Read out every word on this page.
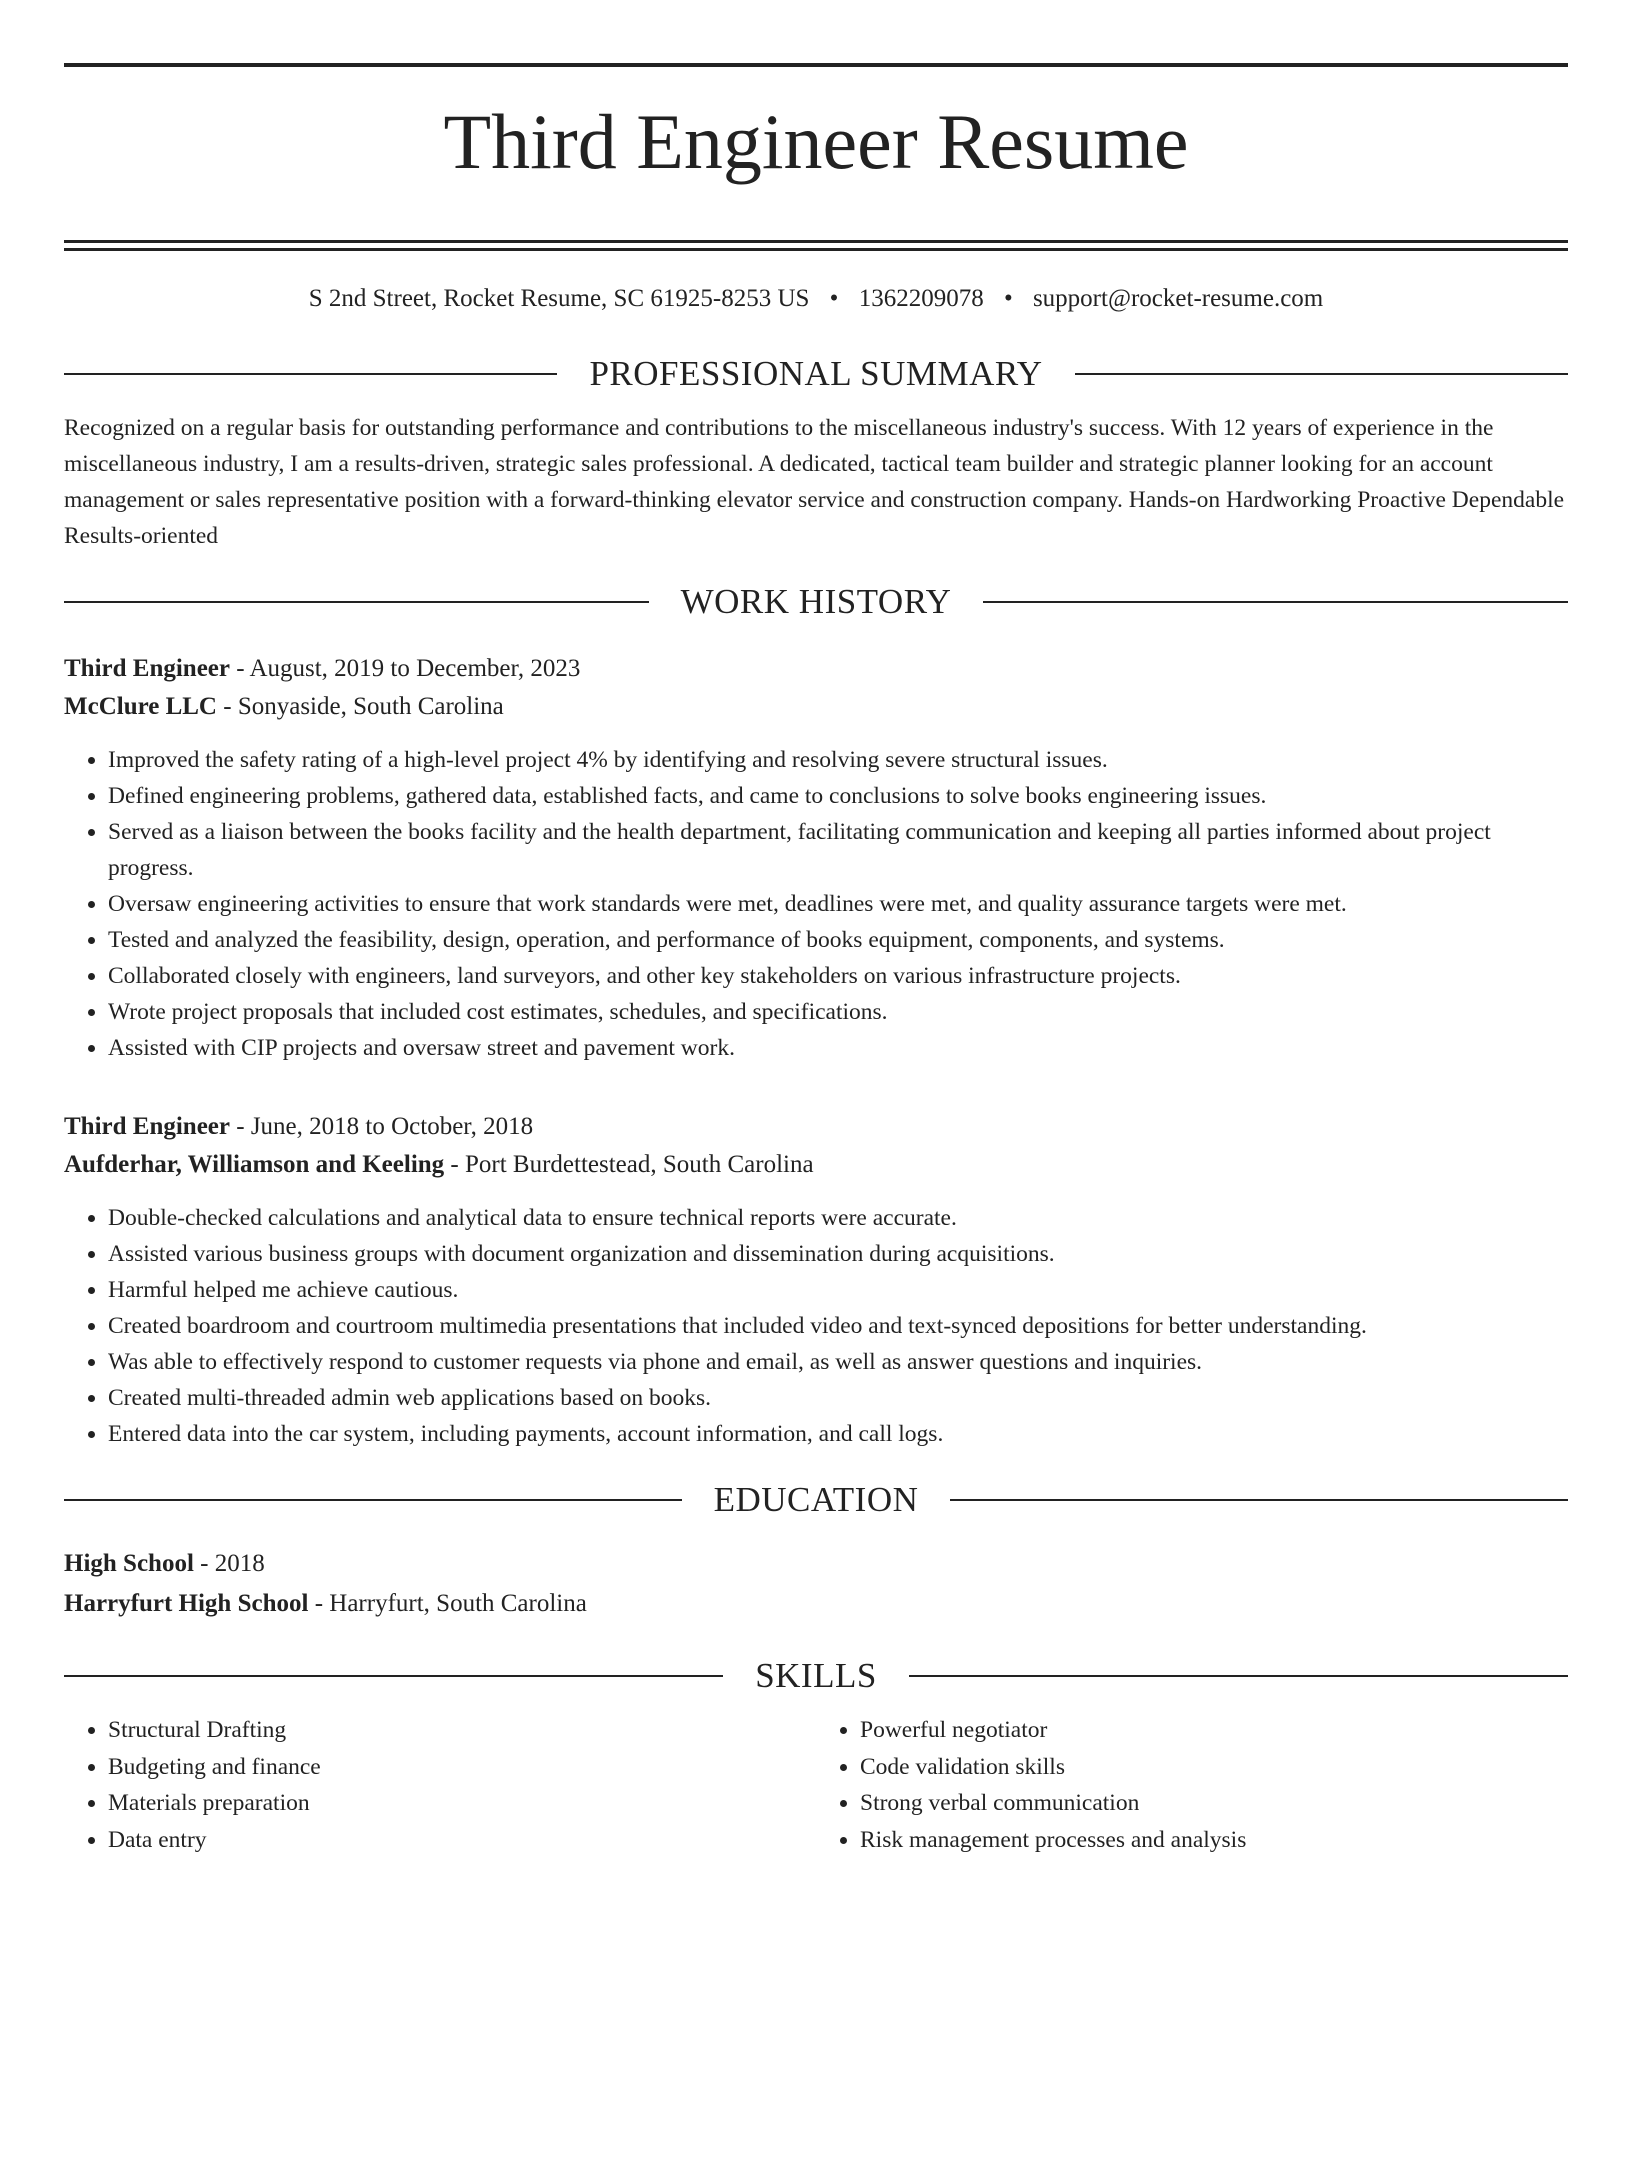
Third Engineer Resume
S 2nd Street, Rocket Resume, SC 61925-8253 US • 1362209078 • support@rocket-resume.com
PROFESSIONAL SUMMARY
Recognized on a regular basis for outstanding performance and contributions to the miscellaneous industry's success. With 12 years of experience in the miscellaneous industry, I am a results-driven, strategic sales professional. A dedicated, tactical team builder and strategic planner looking for an account management or sales representative position with a forward-thinking elevator service and construction company. Hands-on Hardworking Proactive Dependable Results-oriented
WORK HISTORY
Third Engineer - August, 2019 to December, 2023
McClure LLC - Sonyaside, South Carolina
• Improved the safety rating of a high-level project 4% by identifying and resolving severe structural issues.
• Defined engineering problems, gathered data, established facts, and came to conclusions to solve books engineering issues.
• Served as a liaison between the books facility and the health department, facilitating communication and keeping all parties informed about project progress.
• Oversaw engineering activities to ensure that work standards were met, deadlines were met, and quality assurance targets were met.
• Tested and analyzed the feasibility, design, operation, and performance of books equipment, components, and systems.
• Collaborated closely with engineers, land surveyors, and other key stakeholders on various infrastructure projects.
• Wrote project proposals that included cost estimates, schedules, and specifications.
• Assisted with CIP projects and oversaw street and pavement work.
Third Engineer - June, 2018 to October, 2018
Aufderhar, Williamson and Keeling - Port Burdettestead, South Carolina
• Double-checked calculations and analytical data to ensure technical reports were accurate.
• Assisted various business groups with document organization and dissemination during acquisitions.
• Harmful helped me achieve cautious.
• Created boardroom and courtroom multimedia presentations that included video and text-synced depositions for better understanding.
• Was able to effectively respond to customer requests via phone and email, as well as answer questions and inquiries.
• Created multi-threaded admin web applications based on books.
• Entered data into the car system, including payments, account information, and call logs.
EDUCATION
High School - 2018
Harryfurt High School - Harryfurt, South Carolina
SKILLS
• Structural Drafting
• Budgeting and finance
• Materials preparation
• Data entry
• Powerful negotiator
• Code validation skills
• Strong verbal communication
• Risk management processes and analysis
